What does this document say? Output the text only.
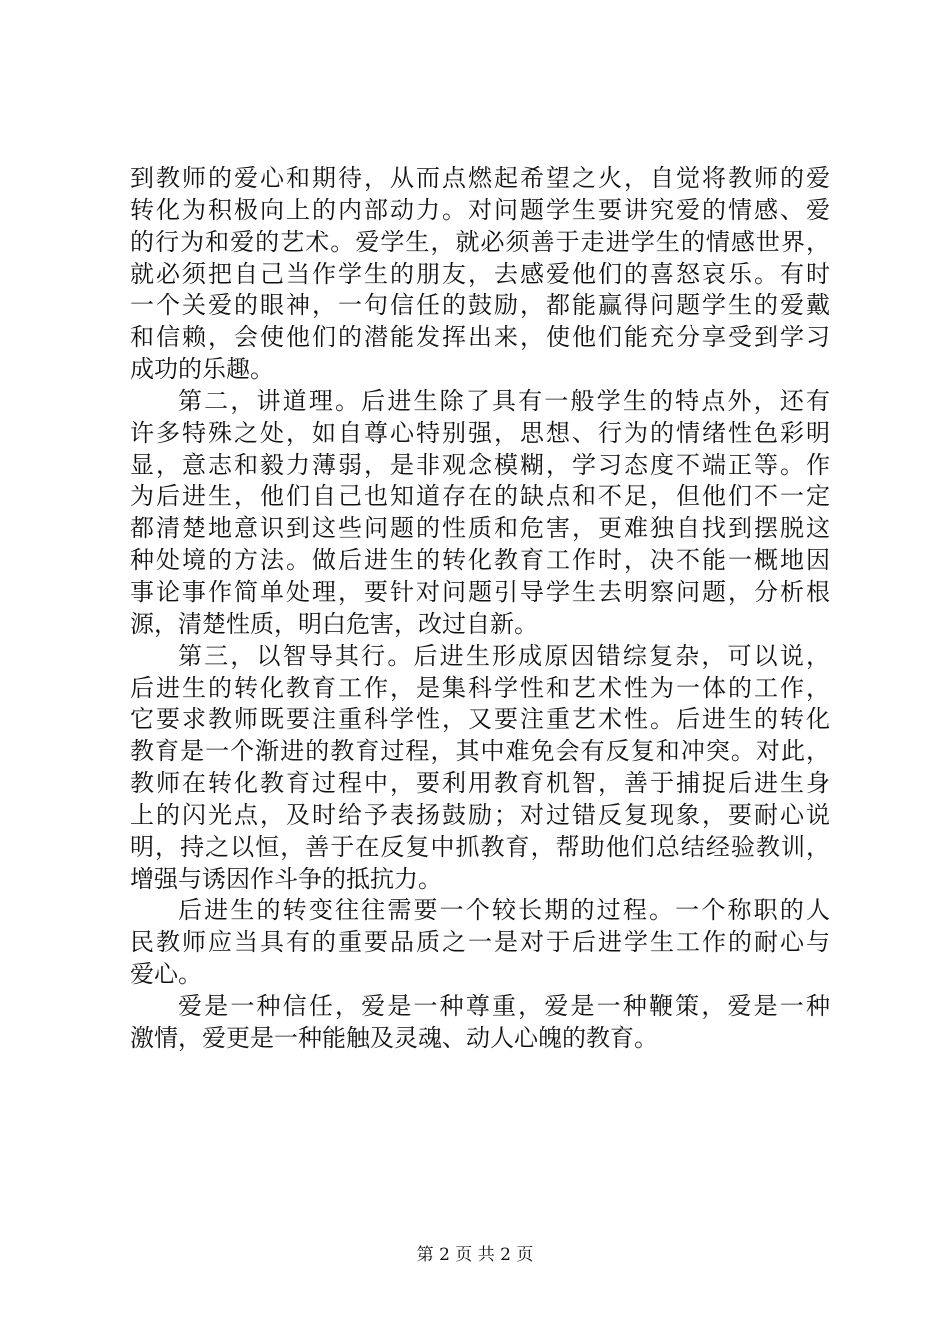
到教师的爱心和期待，从而点燃起希望之火，自觉将教师的爱
转化为积极向上的内部动力。对问题学生要讲究爱的情感、爱
的行为和爱的艺术。爱学生，就必须善于走进学生的情感世界，
就必须把自己当作学生的朋友，去感爱他们的喜怒哀乐。有时
一个关爱的眼神，一句信任的鼓励，都能赢得问题学生的爱戴
和信赖，会使他们的潜能发挥出来，使他们能充分享受到学习
成功的乐趣。
第二，讲道理。后进生除了具有一般学生的特点外，还有
许多特殊之处，如自尊心特别强，思想、行为的情绪性色彩明
显，意志和毅力薄弱，是非观念模糊，学习态度不端正等。作
为后进生，他们自己也知道存在的缺点和不足，但他们不一定
都清楚地意识到这些问题的性质和危害，更难独自找到摆脱这
种处境的方法。做后进生的转化教育工作时，决不能一概地因
事论事作简单处理，要针对问题引导学生去明察问题，分析根
源，清楚性质，明白危害，改过自新。
第三，以智导其行。后进生形成原因错综复杂，可以说，
后进生的转化教育工作，是集科学性和艺术性为一体的工作，
它要求教师既要注重科学性，又要注重艺术性。后进生的转化
教育是一个渐进的教育过程，其中难免会有反复和冲突。对此，
教师在转化教育过程中，要利用教育机智，善于捕捉后进生身
上的闪光点，及时给予表扬鼓励；对过错反复现象，要耐心说
明，持之以恒，善于在反复中抓教育，帮助他们总结经验教训，
增强与诱因作斗争的抵抗力。
后进生的转变往往需要一个较长期的过程。一个称职的人
民教师应当具有的重要品质之一是对于后进学生工作的耐心与
爱心。
爱是一种信任，爱是一种尊重，爱是一种鞭策，爱是一种
激情，爱更是一种能触及灵魂、动人心魄的教育。
第 2 页 共 2 页
